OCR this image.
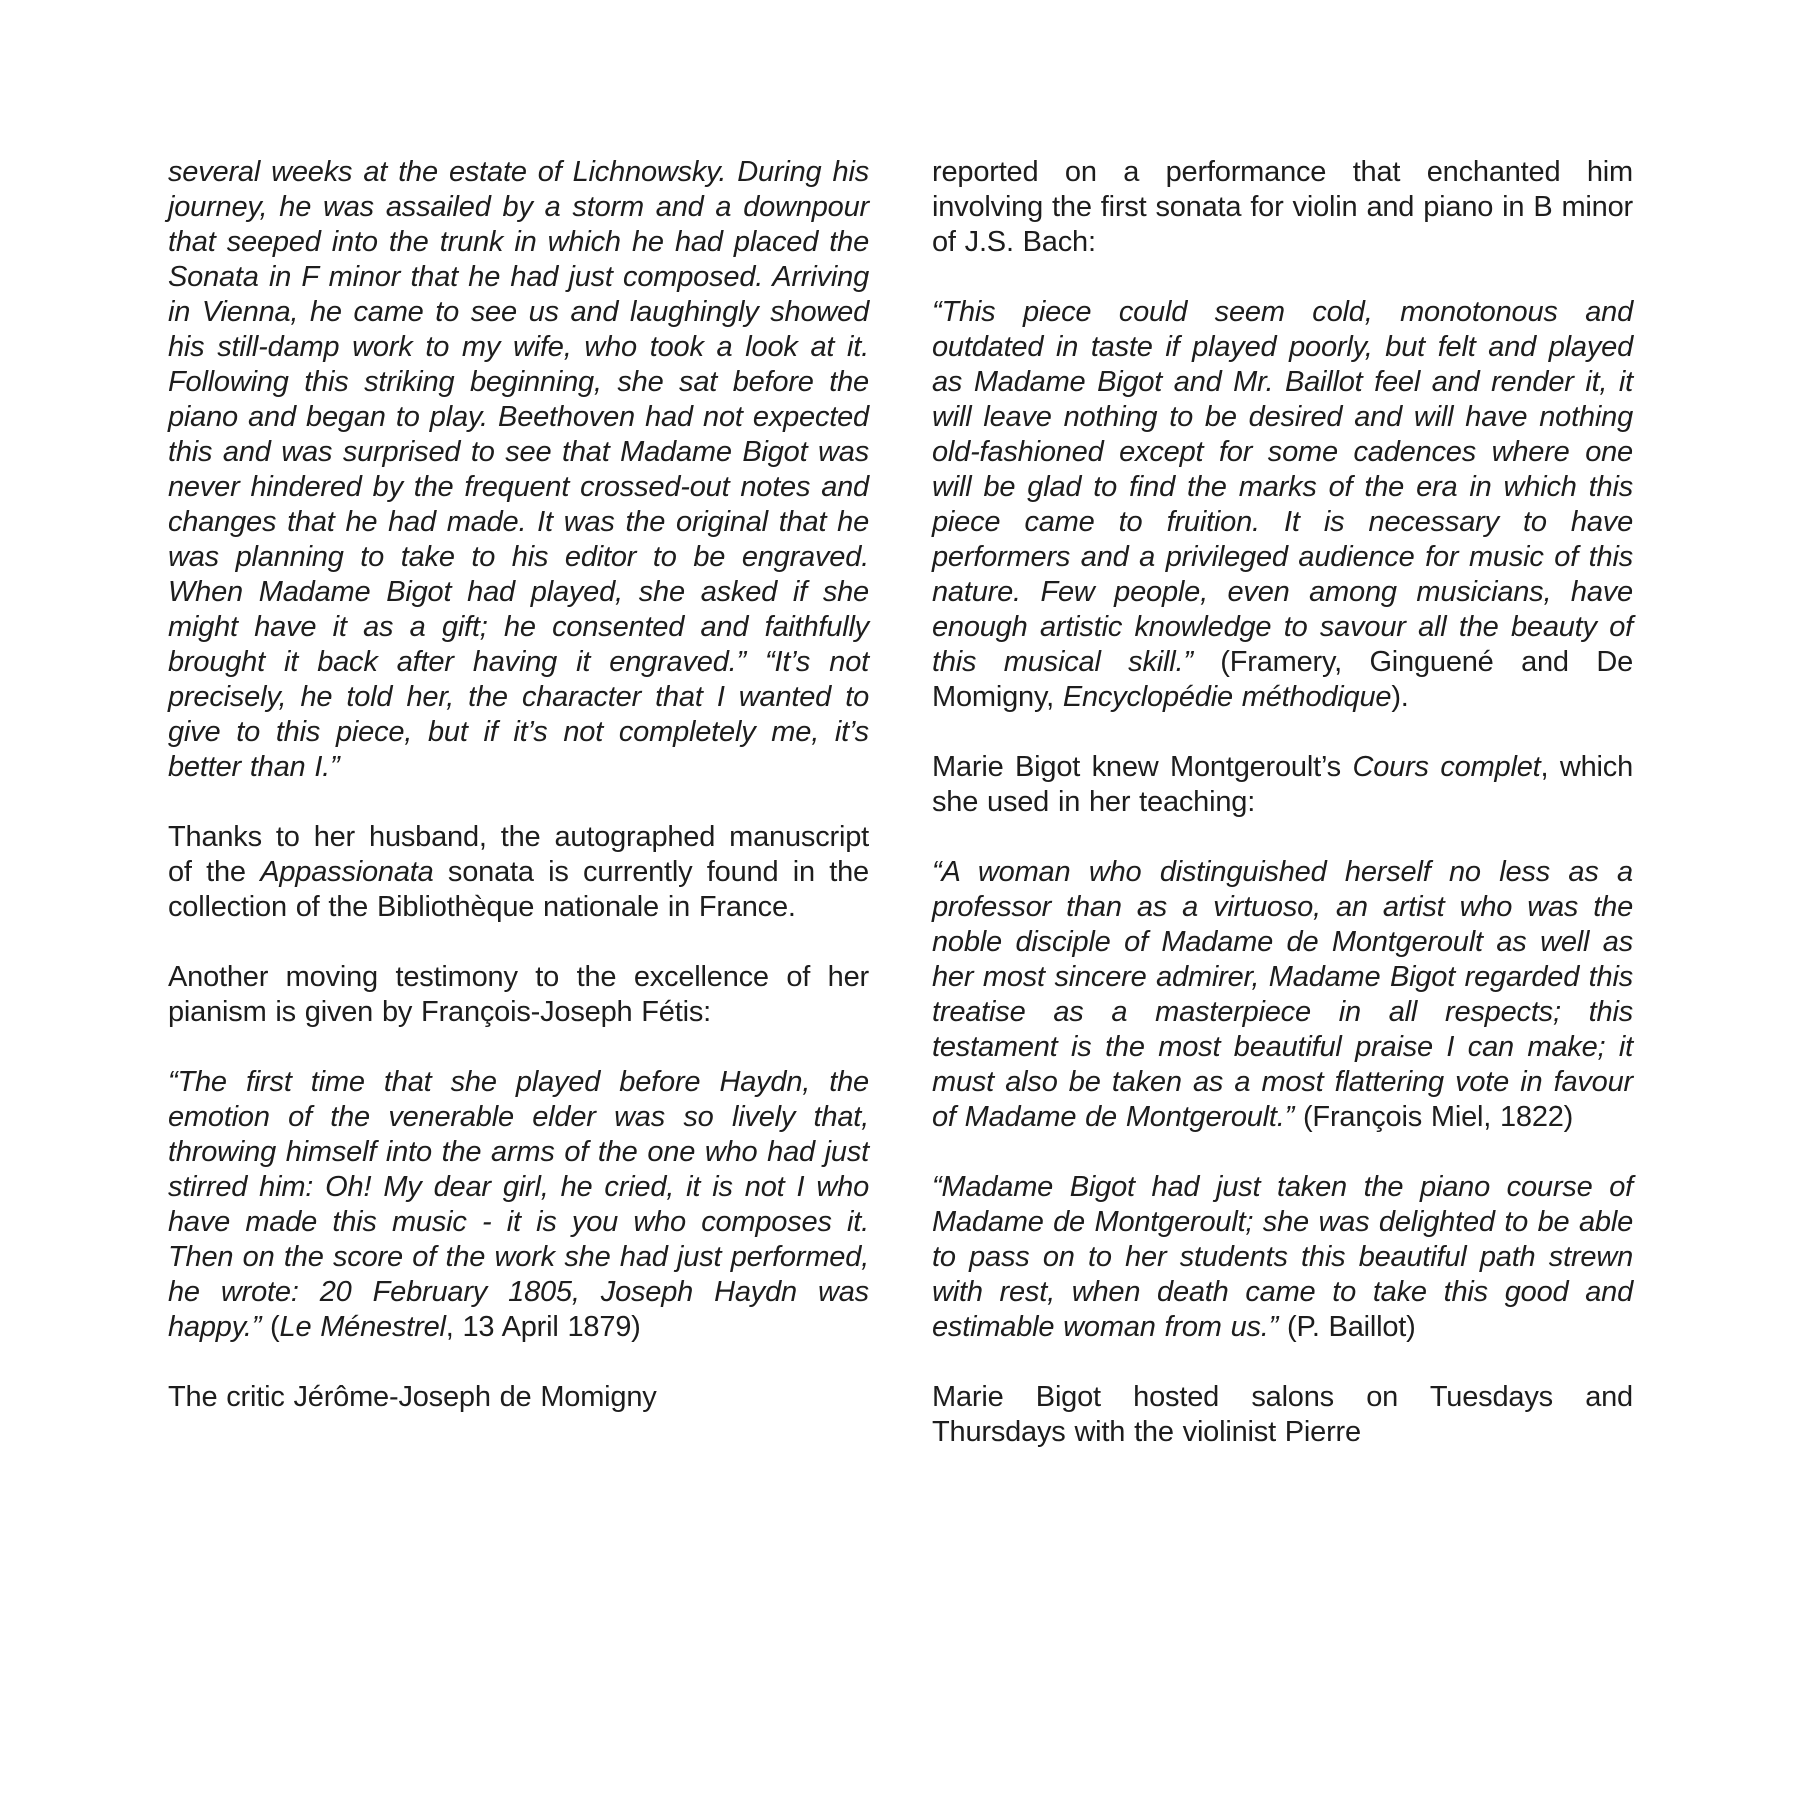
several weeks at the estate of Lichnowsky. During his journey, he was assailed by a storm and a downpour that seeped into the trunk in which he had placed the Sonata in F minor that he had just composed. Arriving in Vienna, he came to see us and laughingly showed his still-damp work to my wife, who took a look at it. Following this striking beginning, she sat before the piano and began to play. Beethoven had not expected this and was surprised to see that Madame Bigot was never hindered by the frequent crossed-out notes and changes that he had made. It was the original that he was planning to take to his editor to be engraved. When Madame Bigot had played, she asked if she might have it as a gift; he consented and faithfully brought it back after having it engraved.” “It’s not precisely, he told her, the character that I wanted to give to this piece, but if it’s not completely me, it’s better than I.”

Thanks to her husband, the autographed manuscript of the Appassionata sonata is currently found in the collection of the Bibliothèque nationale in France.

Another moving testimony to the excellence of her pianism is given by François-Joseph Fétis:

“The first time that she played before Haydn, the emotion of the venerable elder was so lively that, throwing himself into the arms of the one who had just stirred him: Oh! My dear girl, he cried, it is not I who have made this music - it is you who composes it. Then on the score of the work she had just performed, he wrote: 20 February 1805, Joseph Haydn was happy.” (Le Ménestrel, 13 April 1879)

The critic Jérôme-Joseph de Momigny

reported on a performance that enchanted him involving the first sonata for violin and piano in B minor of J.S. Bach:

“This piece could seem cold, monotonous and outdated in taste if played poorly, but felt and played as Madame Bigot and Mr. Baillot feel and render it, it will leave nothing to be desired and will have nothing old-fashioned except for some cadences where one will be glad to find the marks of the era in which this piece came to fruition. It is necessary to have performers and a privileged audience for music of this nature. Few people, even among musicians, have enough artistic knowledge to savour all the beauty of this musical skill.” (Framery, Ginguené and De Momigny, Encyclopédie méthodique).

Marie Bigot knew Montgeroult’s Cours complet, which she used in her teaching:

“A woman who distinguished herself no less as a professor than as a virtuoso, an artist who was the noble disciple of Madame de Montgeroult as well as her most sincere admirer, Madame Bigot regarded this treatise as a masterpiece in all respects; this testament is the most beautiful praise I can make; it must also be taken as a most flattering vote in favour of Madame de Montgeroult.” (François Miel, 1822)

“Madame Bigot had just taken the piano course of Madame de Montgeroult; she was delighted to be able to pass on to her students this beautiful path strewn with rest, when death came to take this good and estimable woman from us.” (P. Baillot)

Marie Bigot hosted salons on Tuesdays and Thursdays with the violinist Pierre
